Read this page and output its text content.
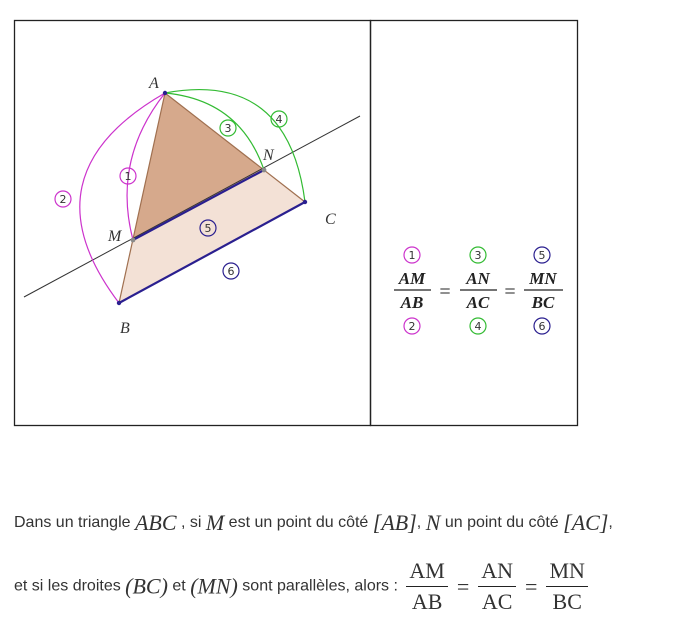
A
B
C
M
N
1
2
3
4
5
6
1	3	5
2	4	6
AM
AB
AN
AC
MN
BC
=	=
Dans un triangle ABC , si M est un point du côté [AB], N un point du côté [AC],
et si les droites (BC) et (MN) sont parallèles, alors : $\frac{AM}{AB} = \frac{AN}{AC} = \frac{MN}{BC}$
